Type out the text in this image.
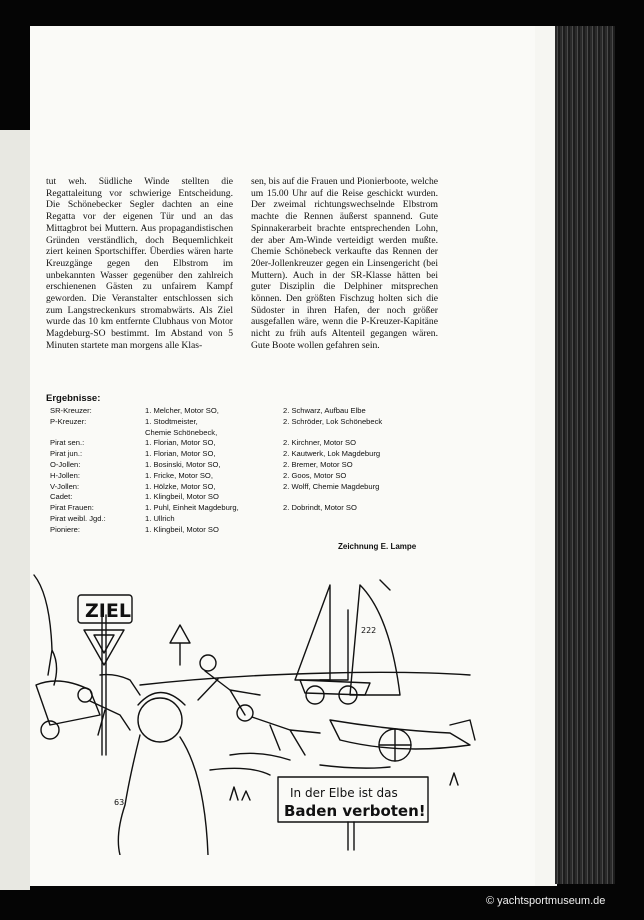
tut weh. Südliche Winde stellten die Regattaleitung vor schwierige Entscheidung. Die Schönebecker Segler dachten an eine Regatta vor der eigenen Tür und an das Mittagbrot bei Muttern. Aus propagandistischen Gründen verständlich, doch Bequemlichkeit ziert keinen Sportschiffer. Überdies wären harte Kreuzgänge gegen den Elbstrom im unbekannten Wasser gegenüber den zahlreich erschienenen Gästen zu unfairem Kampf geworden. Die Veranstalter entschlossen sich zum Langstreckenkurs stromabwärts. Als Ziel wurde das 10 km entfernte Clubhaus von Motor Magdeburg-SO bestimmt. Im Abstand von 5 Minuten startete man morgens alle Klas-

sen, bis auf die Frauen und Pionierboote, welche um 15.00 Uhr auf die Reise geschickt wurden. Der zweimal richtungswechselnde Elbstrom machte die Rennen äußerst spannend. Gute Spinnakerarbeit brachte entsprechenden Lohn, der aber Am-Winde verteidigt werden mußte. Chemie Schönebeck verkaufte das Rennen der 20er-Jollenkreuzer gegen ein Linsengericht (bei Muttern). Auch in der SR-Klasse hätten bei guter Disziplin die Delphiner mitsprechen können. Den größten Fischzug holten sich die Südoster in ihren Hafen, der noch größer ausgefallen wäre, wenn die P-Kreuzer-Kapitäne nicht zu früh aufs Altenteil gegangen wären. Gute Boote wollen gefahren sein.

Ergebnisse:
SR-Kreuzer:	1. Melcher, Motor SO,	2. Schwarz, Aufbau Elbe
P-Kreuzer:	1. Stodtmeister,	2. Schröder, Lok Schönebeck
Chemie Schönebeck,
Pirat sen.:	1. Florian, Motor SO,	2. Kirchner, Motor SO
Pirat jun.:	1. Florian, Motor SO,	2. Kautwerk, Lok Magdeburg
O-Jollen:	1. Bosinski, Motor SO,	2. Bremer, Motor SO
H-Jollen:	1. Fricke, Motor SO,	2. Goos, Motor SO
V-Jollen:	1. Hölzke, Motor SO,	2. Wolff, Chemie Magdeburg
Cadet:	1. Klingbeil, Motor SO
Pirat Frauen:	1. Puhl, Einheit Magdeburg,	2. Dobrindt, Motor SO
Pirat weibl. Jgd.:	1. Ullrich
Pioniere:	1. Klingbeil, Motor SO
Zeichnung E. Lampe
ZIEL
222
In der Elbe ist das
Baden verboten!
63
© yachtsportmuseum.de
